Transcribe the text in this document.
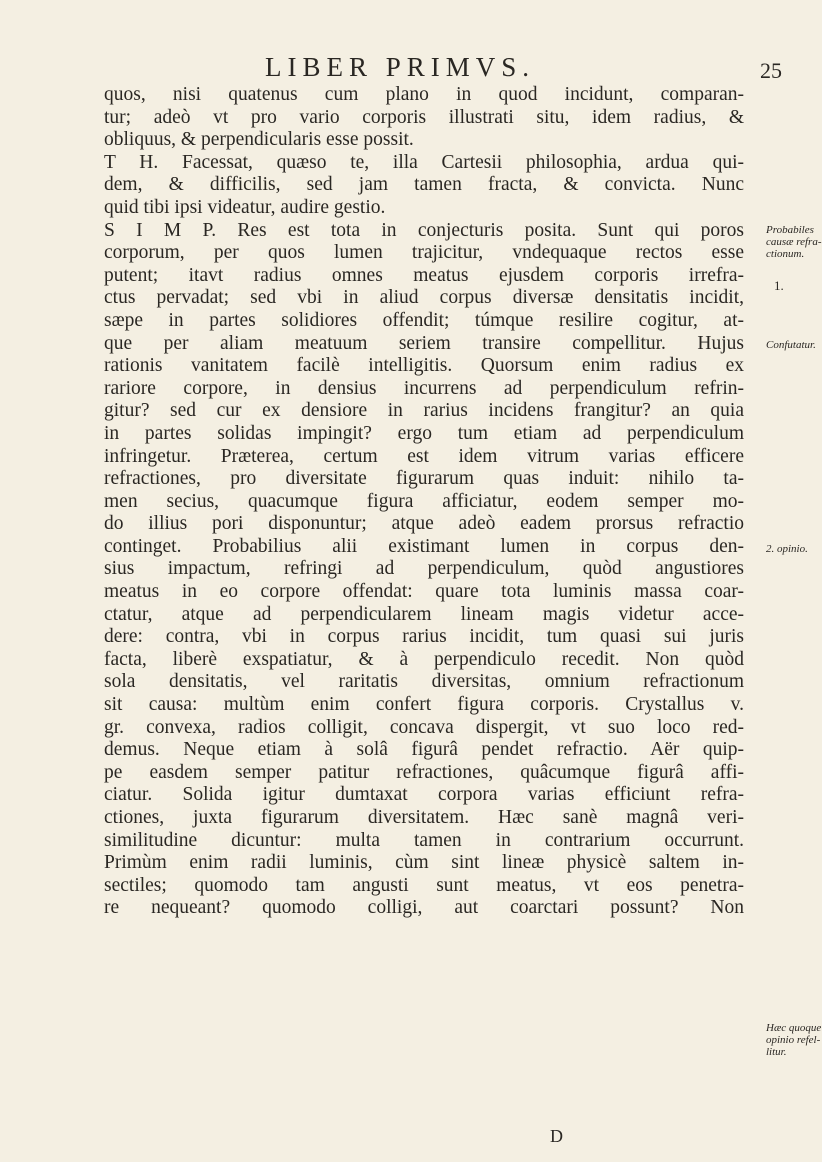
LIBER PRIMVS.	25
quos, nisi quatenus cum plano in quod incidunt, comparan-
tur; adeò vt pro vario corporis illustrati situ, idem radius, &
obliquus, & perpendicularis esse possit.
T H. Facessat, quæso te, illa Cartesii philosophia, ardua qui-
dem, & difficilis, sed jam tamen fracta, & convicta. Nunc
quid tibi ipsi videatur, audire gestio.
S I M P. Res est tota in conjecturis posita. Sunt qui poros
corporum, per quos lumen trajicitur, vndequaque rectos esse
putent; itavt radius omnes meatus ejusdem corporis irrefra-
ctus pervadat; sed vbi in aliud corpus diversæ densitatis incidit,
sæpe in partes solidiores offendit; túmque resilire cogitur, at-
que per aliam meatuum seriem transire compellitur. Hujus
rationis vanitatem facilè intelligitis. Quorsum enim radius ex
rariore corpore, in densius incurrens ad perpendiculum refrin-
gitur? sed cur ex densiore in rarius incidens frangitur? an quia
in partes solidas impingit? ergo tum etiam ad perpendiculum
infringetur. Præterea, certum est idem vitrum varias efficere
refractiones, pro diversitate figurarum quas induit: nihilo ta-
men secius, quacumque figura afficiatur, eodem semper mo-
do illius pori disponuntur; atque adeò eadem prorsus refractio
continget. Probabilius alii existimant lumen in corpus den-
sius impactum, refringi ad perpendiculum, quòd angustiores
meatus in eo corpore offendat: quare tota luminis massa coar-
ctatur, atque ad perpendicularem lineam magis videtur acce-
dere: contra, vbi in corpus rarius incidit, tum quasi sui juris
facta, liberè exspatiatur, & à perpendiculo recedit. Non quòd
sola densitatis, vel raritatis diversitas, omnium refractionum
sit causa: multùm enim confert figura corporis. Crystallus v.
gr. convexa, radios colligit, concava dispergit, vt suo loco red-
demus. Neque etiam à solâ figurâ pendet refractio. Aër quip-
pe easdem semper patitur refractiones, quâcumque figurâ affi-
ciatur. Solida igitur dumtaxat corpora varias efficiunt refra-
ctiones, juxta figurarum diversitatem. Hæc sanè magnâ veri-
similitudine dicuntur: multa tamen in contrarium occurrunt.
Primùm enim radii luminis, cùm sint lineæ physicè saltem in-
sectiles; quomodo tam angusti sunt meatus, vt eos penetra-
re nequeant? quomodo colligi, aut coarctari possunt? Non
Probabiles
causæ refra-
ctionum.
1.
Confutatur.
2. opinio.
Hæc quoque
opinio refel-
litur.
D
